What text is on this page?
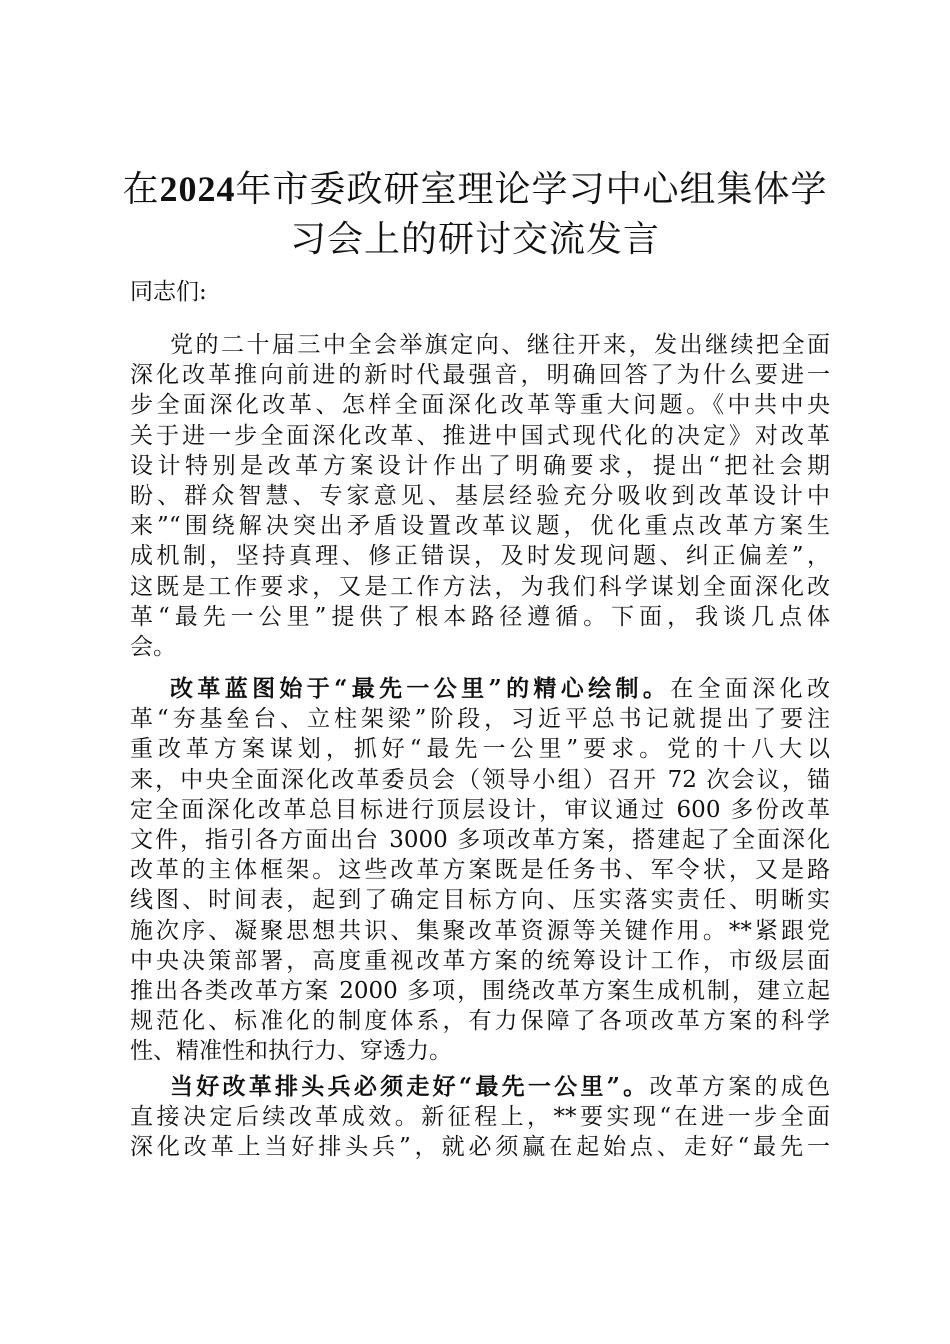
在2024年市委政研室理论学习中心组集体学
习会上的研讨交流发言

同志们:

党的二十届三中全会举旗定向、继往开来，发出继续把全面
深化改革推向前进的新时代最强音，明确回答了为什么要进一
步全面深化改革、怎样全面深化改革等重大问题。《中共中央
关于进一步全面深化改革、推进中国式现代化的决定》对改革
设计特别是改革方案设计作出了明确要求，提出“把社会期
盼、群众智慧、专家意见、基层经验充分吸收到改革设计中
来”“围绕解决突出矛盾设置改革议题，优化重点改革方案生
成机制，坚持真理、修正错误，及时发现问题、纠正偏差”，
这既是工作要求，又是工作方法，为我们科学谋划全面深化改
革“最先一公里”提供了根本路径遵循。下面，我谈几点体
会。
改革蓝图始于“最先一公里”的精心绘制。在全面深化改
革“夯基垒台、立柱架梁”阶段，习近平总书记就提出了要注
重改革方案谋划，抓好“最先一公里”要求。党的十八大以
来，中央全面深化改革委员会（领导小组）召开 72 次会议，锚
定全面深化改革总目标进行顶层设计，审议通过 600 多份改革
文件，指引各方面出台 3000 多项改革方案，搭建起了全面深化
改革的主体框架。这些改革方案既是任务书、军令状，又是路
线图、时间表，起到了确定目标方向、压实落实责任、明晰实
施次序、凝聚思想共识、集聚改革资源等关键作用。**紧跟党
中央决策部署，高度重视改革方案的统筹设计工作，市级层面
推出各类改革方案 2000 多项，围绕改革方案生成机制，建立起
规范化、标准化的制度体系，有力保障了各项改革方案的科学
性、精准性和执行力、穿透力。
当好改革排头兵必须走好“最先一公里”。改革方案的成色
直接决定后续改革成效。新征程上，**要实现“在进一步全面
深化改革上当好排头兵”，就必须赢在起始点、走好“最先一
